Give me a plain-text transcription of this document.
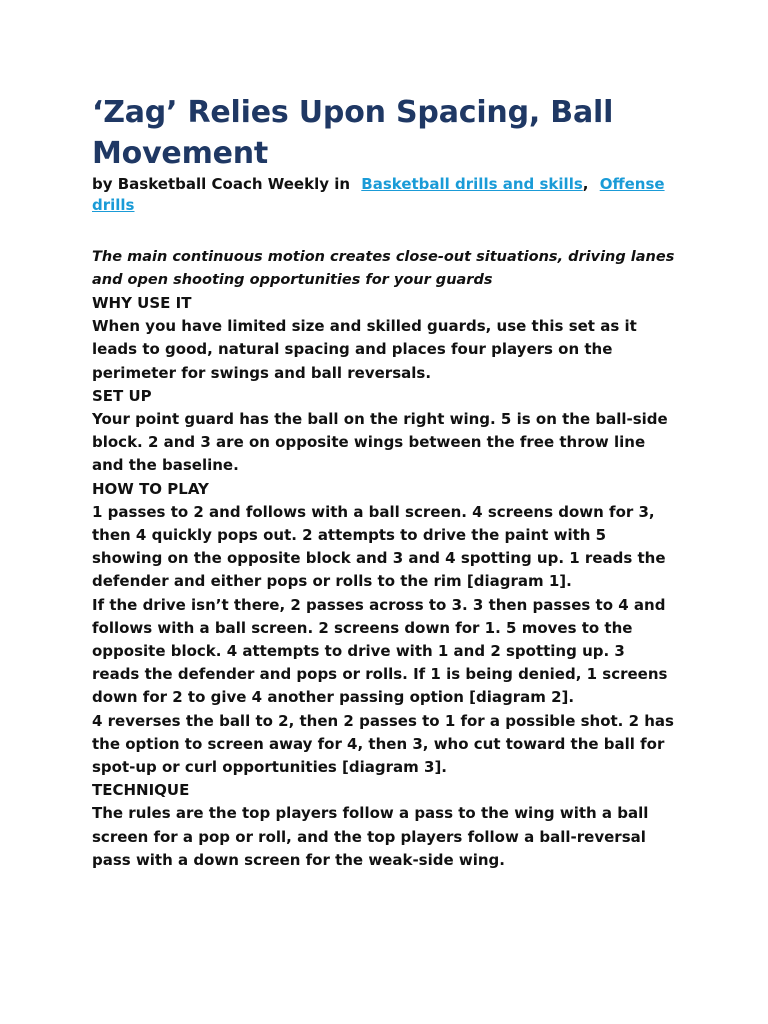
‘Zag’ Relies Upon Spacing, Ball Movement
by Basketball Coach Weekly in Basketball drills and skills, Offense drills

The main continuous motion creates close-out situations, driving lanes and open shooting opportunities for your guards

WHY USE IT

When you have limited size and skilled guards, use this set as it leads to good, natural spacing and places four players on the perimeter for swings and ball reversals.

SET UP

Your point guard has the ball on the right wing. 5 is on the ball-side block. 2 and 3 are on opposite wings between the free throw line and the baseline.

HOW TO PLAY

1 passes to 2 and follows with a ball screen. 4 screens down for 3, then 4 quickly pops out. 2 attempts to drive the paint with 5 showing on the opposite block and 3 and 4 spotting up. 1 reads the defender and either pops or rolls to the rim [diagram 1].

If the drive isn’t there, 2 passes across to 3. 3 then passes to 4 and follows with a ball screen. 2 screens down for 1. 5 moves to the opposite block. 4 attempts to drive with 1 and 2 spotting up. 3 reads the defender and pops or rolls. If 1 is being denied, 1 screens down for 2 to give 4 another passing option [diagram 2].

4 reverses the ball to 2, then 2 passes to 1 for a possible shot. 2 has the option to screen away for 4, then 3, who cut toward the ball for spot-up or curl opportunities [diagram 3].

TECHNIQUE

The rules are the top players follow a pass to the wing with a ball screen for a pop or roll, and the top players follow a ball-reversal pass with a down screen for the weak-side wing.
